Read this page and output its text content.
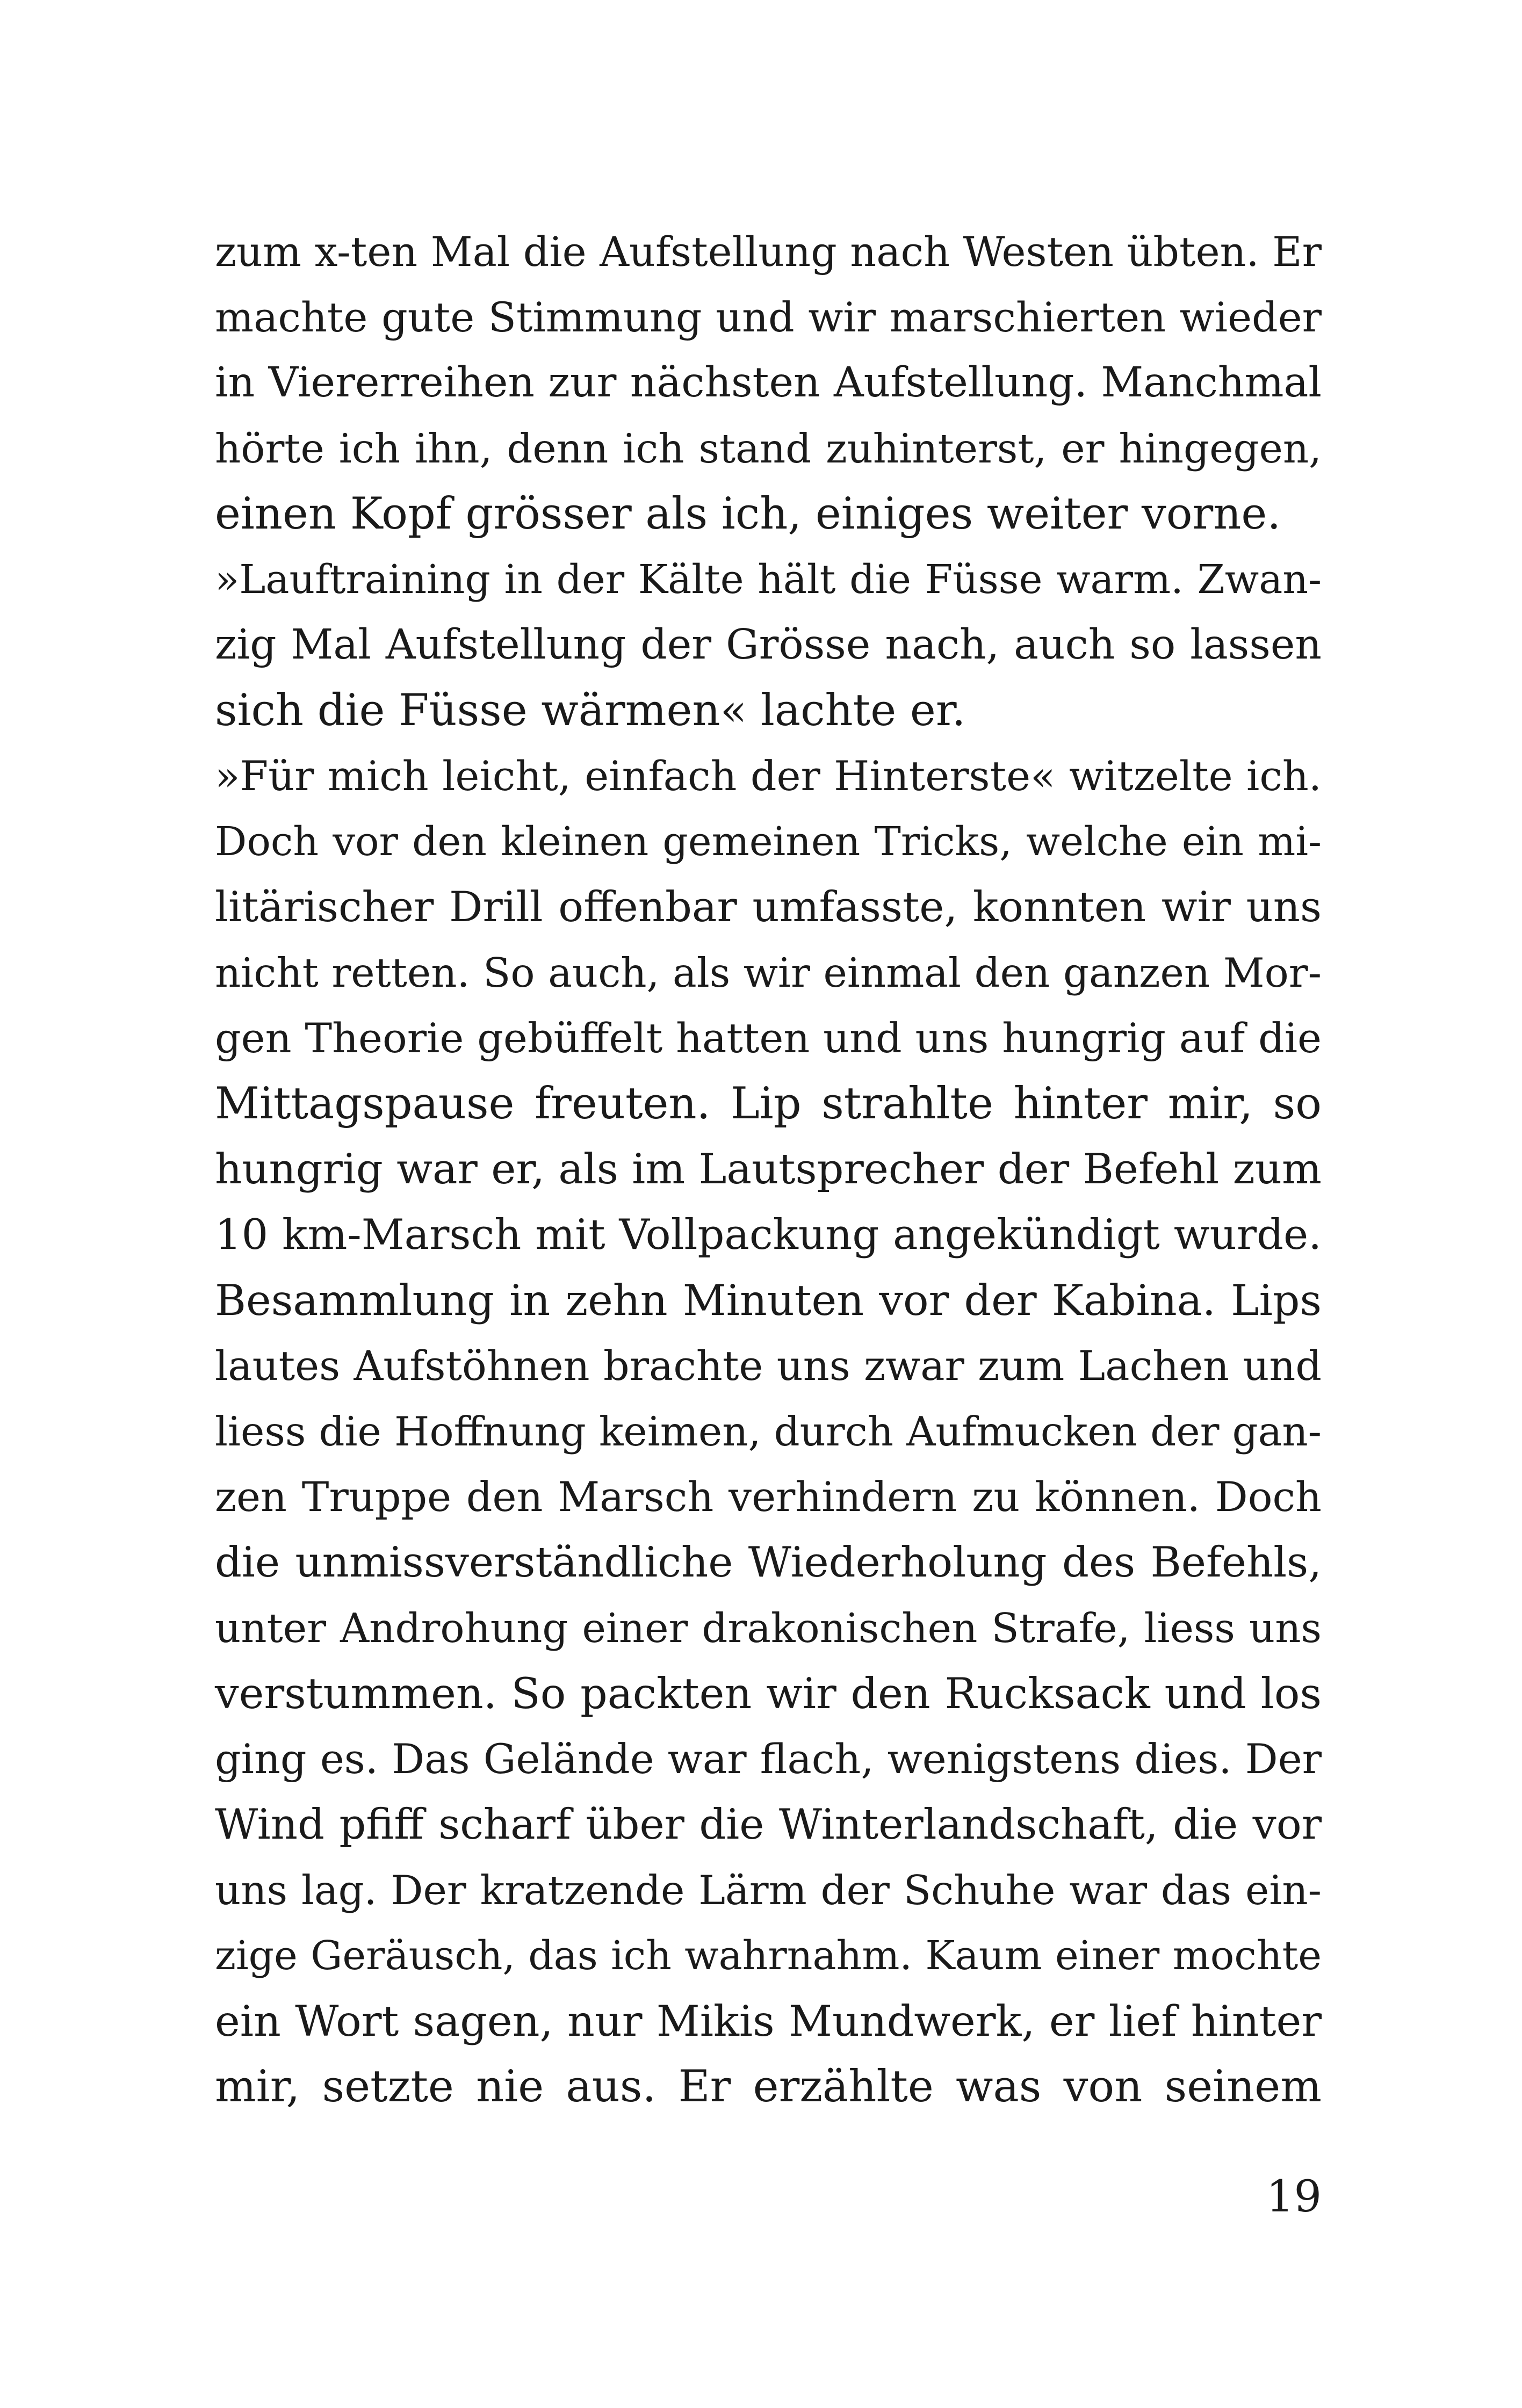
zum x-ten Mal die Aufstellung nach Westen übten. Er
machte gute Stimmung und wir marschierten wieder
in Viererreihen zur nächsten Aufstellung. Manchmal
hörte ich ihn, denn ich stand zuhinterst, er hingegen,
einen Kopf grösser als ich, einiges weiter vorne.
»Lauftraining in der Kälte hält die Füsse warm. Zwan-
zig Mal Aufstellung der Grösse nach, auch so lassen
sich die Füsse wärmen« lachte er.
»Für mich leicht, einfach der Hinterste« witzelte ich.
Doch vor den kleinen gemeinen Tricks, welche ein mi-
litärischer Drill offenbar umfasste, konnten wir uns
nicht retten. So auch, als wir einmal den ganzen Mor-
gen Theorie gebüffelt hatten und uns hungrig auf die
Mittagspause freuten. Lip strahlte hinter mir, so
hungrig war er, als im Lautsprecher der Befehl zum
10 km-Marsch mit Vollpackung angekündigt wurde.
Besammlung in zehn Minuten vor der Kabina. Lips
lautes Aufstöhnen brachte uns zwar zum Lachen und
liess die Hoffnung keimen, durch Aufmucken der gan-
zen Truppe den Marsch verhindern zu können. Doch
die unmissverständliche Wiederholung des Befehls,
unter Androhung einer drakonischen Strafe, liess uns
verstummen. So packten wir den Rucksack und los
ging es. Das Gelände war flach, wenigstens dies. Der
Wind pfiff scharf über die Winterlandschaft, die vor
uns lag. Der kratzende Lärm der Schuhe war das ein-
zige Geräusch, das ich wahrnahm. Kaum einer mochte
ein Wort sagen, nur Mikis Mundwerk, er lief hinter
mir, setzte nie aus. Er erzählte was von seinem
19
